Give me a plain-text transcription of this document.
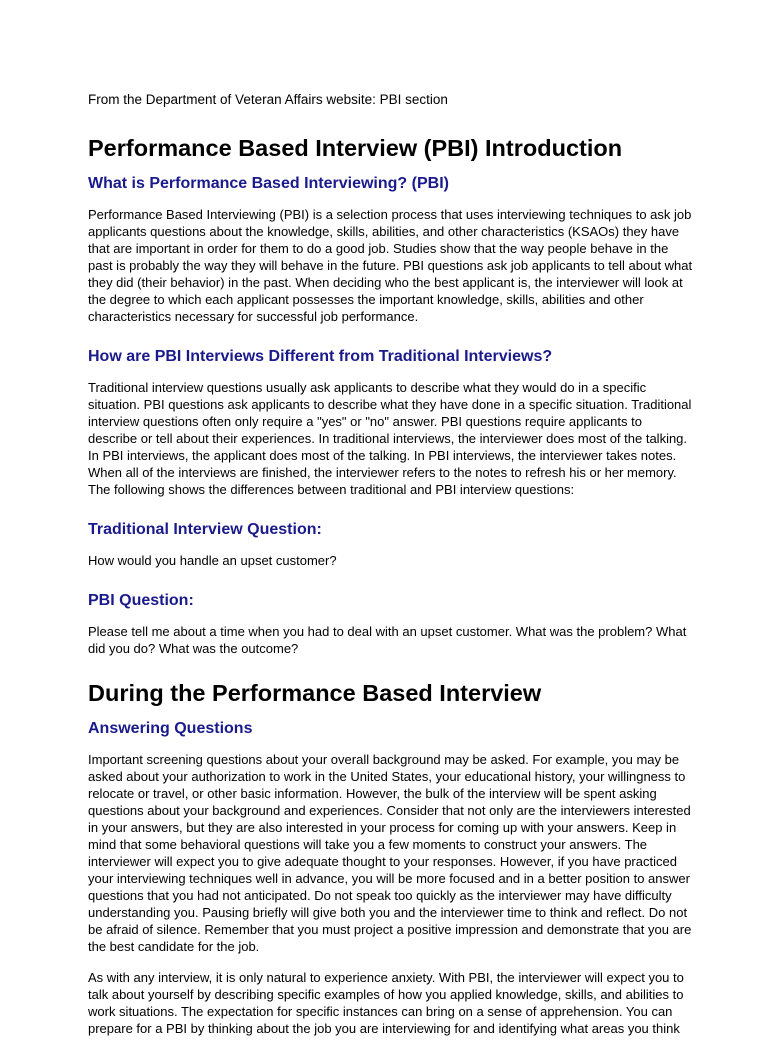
From the Department of Veteran Affairs website: PBI section

Performance Based Interview (PBI) Introduction
What is Performance Based Interviewing? (PBI)

Performance Based Interviewing (PBI) is a selection process that uses interviewing techniques to ask job applicants questions about the knowledge, skills, abilities, and other characteristics (KSAOs) they have that are important in order for them to do a good job. Studies show that the way people behave in the past is probably the way they will behave in the future. PBI questions ask job applicants to tell about what they did (their behavior) in the past. When deciding who the best applicant is, the interviewer will look at the degree to which each applicant possesses the important knowledge, skills, abilities and other characteristics necessary for successful job performance.

How are PBI Interviews Different from Traditional Interviews?

Traditional interview questions usually ask applicants to describe what they would do in a specific situation. PBI questions ask applicants to describe what they have done in a specific situation. Traditional interview questions often only require a "yes" or "no" answer. PBI questions require applicants to describe or tell about their experiences. In traditional interviews, the interviewer does most of the talking. In PBI interviews, the applicant does most of the talking. In PBI interviews, the interviewer takes notes. When all of the interviews are finished, the interviewer refers to the notes to refresh his or her memory. The following shows the differences between traditional and PBI interview questions:

Traditional Interview Question:

How would you handle an upset customer?

PBI Question:

Please tell me about a time when you had to deal with an upset customer. What was the problem? What did you do? What was the outcome?

During the Performance Based Interview
Answering Questions

Important screening questions about your overall background may be asked. For example, you may be asked about your authorization to work in the United States, your educational history, your willingness to relocate or travel, or other basic information. However, the bulk of the interview will be spent asking questions about your background and experiences. Consider that not only are the interviewers interested in your answers, but they are also interested in your process for coming up with your answers. Keep in mind that some behavioral questions will take you a few moments to construct your answers. The interviewer will expect you to give adequate thought to your responses. However, if you have practiced your interviewing techniques well in advance, you will be more focused and in a better position to answer questions that you had not anticipated. Do not speak too quickly as the interviewer may have difficulty understanding you. Pausing briefly will give both you and the interviewer time to think and reflect. Do not be afraid of silence. Remember that you must project a positive impression and demonstrate that you are the best candidate for the job.

As with any interview, it is only natural to experience anxiety. With PBI, the interviewer will expect you to talk about yourself by describing specific examples of how you applied knowledge, skills, and abilities to work situations. The expectation for specific instances can bring on a sense of apprehension. You can prepare for a PBI by thinking about the job you are interviewing for and identifying what areas you think
